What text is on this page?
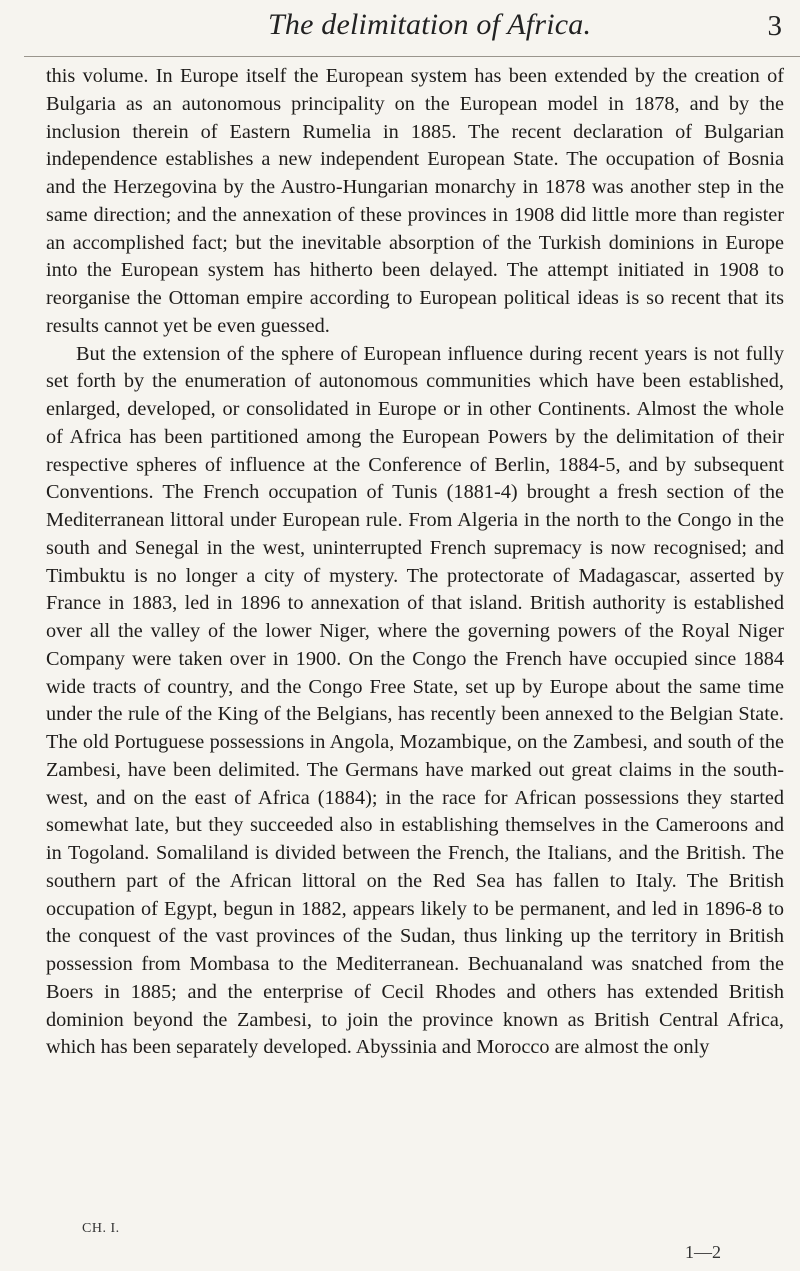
The delimitation of Africa.	3

this volume. In Europe itself the European system has been extended by the creation of Bulgaria as an autonomous principality on the European model in 1878, and by the inclusion therein of Eastern Rumelia in 1885. The recent declaration of Bulgarian independence establishes a new independent European State. The occupation of Bosnia and the Herzegovina by the Austro-Hungarian monarchy in 1878 was another step in the same direction; and the annexation of these provinces in 1908 did little more than register an accomplished fact; but the inevitable absorption of the Turkish dominions in Europe into the European system has hitherto been delayed. The attempt initiated in 1908 to reorganise the Ottoman empire according to European political ideas is so recent that its results cannot yet be even guessed.

But the extension of the sphere of European influence during recent years is not fully set forth by the enumeration of autonomous communities which have been established, enlarged, developed, or consolidated in Europe or in other Continents. Almost the whole of Africa has been partitioned among the European Powers by the delimitation of their respective spheres of influence at the Conference of Berlin, 1884-5, and by subsequent Conventions. The French occupation of Tunis (1881-4) brought a fresh section of the Mediterranean littoral under European rule. From Algeria in the north to the Congo in the south and Senegal in the west, uninterrupted French supremacy is now recognised; and Timbuktu is no longer a city of mystery. The protectorate of Madagascar, asserted by France in 1883, led in 1896 to annexation of that island. British authority is established over all the valley of the lower Niger, where the governing powers of the Royal Niger Company were taken over in 1900. On the Congo the French have occupied since 1884 wide tracts of country, and the Congo Free State, set up by Europe about the same time under the rule of the King of the Belgians, has recently been annexed to the Belgian State. The old Portuguese possessions in Angola, Mozambique, on the Zambesi, and south of the Zambesi, have been delimited. The Germans have marked out great claims in the south-west, and on the east of Africa (1884); in the race for African possessions they started somewhat late, but they succeeded also in establishing themselves in the Cameroons and in Togoland. Somaliland is divided between the French, the Italians, and the British. The southern part of the African littoral on the Red Sea has fallen to Italy. The British occupation of Egypt, begun in 1882, appears likely to be permanent, and led in 1896-8 to the conquest of the vast provinces of the Sudan, thus linking up the territory in British possession from Mombasa to the Mediterranean. Bechuanaland was snatched from the Boers in 1885; and the enterprise of Cecil Rhodes and others has extended British dominion beyond the Zambesi, to join the province known as British Central Africa, which has been separately developed. Abyssinia and Morocco are almost the only

CH. I.
1—2
